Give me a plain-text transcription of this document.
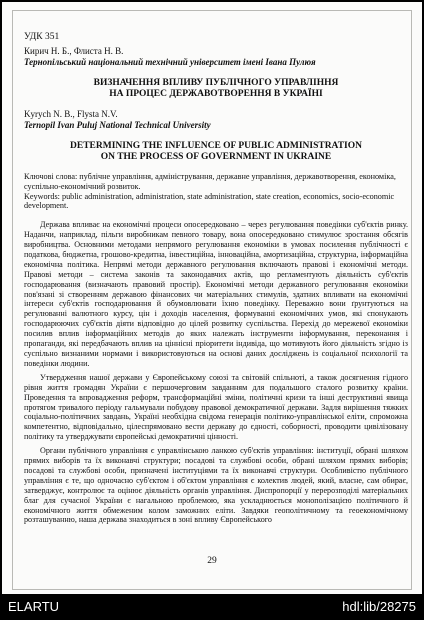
УДК 351
Кирич Н. Б., Флиста Н. В.
Тернопільський національний технічний університет імені Івана Пулюя
ВИЗНАЧЕННЯ ВПЛИВУ ПУБЛІЧНОГО УПРАВЛІННЯ
НА ПРОЦЕС ДЕРЖАВОТВОРЕННЯ В УКРАЇНІ
Kyrych N. B., Flysta N.V.
Ternopil Ivan Puluj National Technical University
DETERMINING THE INFLUENCE OF PUBLIC ADMINISTRATION
ON THE PROCESS OF GOVERNMENT IN UKRAINE
Ключові слова: публічне управління, адміністрування, державне управління, державотворення, економіка, суспільно-економічний розвиток.
Keywords: public administration, administration, state administration, state creation, economics, socio-economic development.

Держава впливає на економічні процеси опосередковано – через регулювання поведінки суб'єктів ринку. Наданчи, наприклад, пільги виробникам певного товару, вона опосередковано стимулює зростання обсягів виробництва. Основними методами непрямого регулювання економіки в умовах посилення публічності є податкова, бюджетна, грошово-кредитна, інвестиційна, інноваційна, амортизаційна, структурна, інформаційна економічна політика. Непрямі методи державного регулювання включають правові і економічні методи. Правові методи – система законів та законодавчих актів, що регламентують діяльність суб'єктів господарювання (визначають правовий простір). Економічні методи державного регулювання економіки пов'язані зі створенням державою фінансових чи матеріальних стимулів, здатних впливати на економічні інтереси суб'єктів господарювання й обумовлювати їхню поведінку. Переважно вони ґрунтуються на регулюванні валютного курсу, цін і доходів населення, формуванні економічних умов, які спонукають господарюючих суб'єктів діяти відповідно до цілей розвитку суспільства. Перехід до мережевої економіки посилив вплив інформаційних методів до яких належать інструменти інформування, переконання і пропаганди, які передбачають вплив на ціннісні пріоритети індивіда, що мотивують його діяльність згідно із суспільно визнаними нормами і використовуються на основі даних досліджень із соціальної психології та поведінки людини.

Утвердження нашої держави у Європейському союзі та світовій спільноті, а також досягнення гідного рівня життя громадян України є першочерговим завданням для подальшого сталого розвитку країни. Проведення та впровадження реформ, трансформаційні зміни, політичні кризи та інші деструктивні явища протягом тривалого періоду гальмували побудову правової демократичної держави. Задля вирішення тяжких соціально-політичних завдань, Україні необхідна свідома генерація політико-управлінської еліти, спроможна компетентно, відповідально, цілеспрямовано вести державу до єдності, соборності, проводити цивілізовану політику та утверджувати європейські демократичні цінності.

Органи публічного управління є управлінською ланкою суб'єктів управління: інституції, обрані шляхом прямих виборів та їх виконавчі структури; посадові та службові особи, обрані шляхом прямих виборів; посадові та службові особи, призначені інституціями та їх виконавчі структури. Особливістю публічного управління є те, що одночасно суб'єктом і об'єктом управління є колектив людей, який, власне, сам обирає, затверджує, контролює та оцінює діяльність органів управління. Диспропорції у перерозподілі матеріальних благ для сучасної України є нагальною проблемою, яка ускладнюється монополізацією політичного й економічного життя обмеженим колом заможних еліти. Завдяки геополітичному та геоекономічному розташуванню, наша держава знаходиться в зоні впливу Європейського

29
ELARTU	hdl:lib/28275
